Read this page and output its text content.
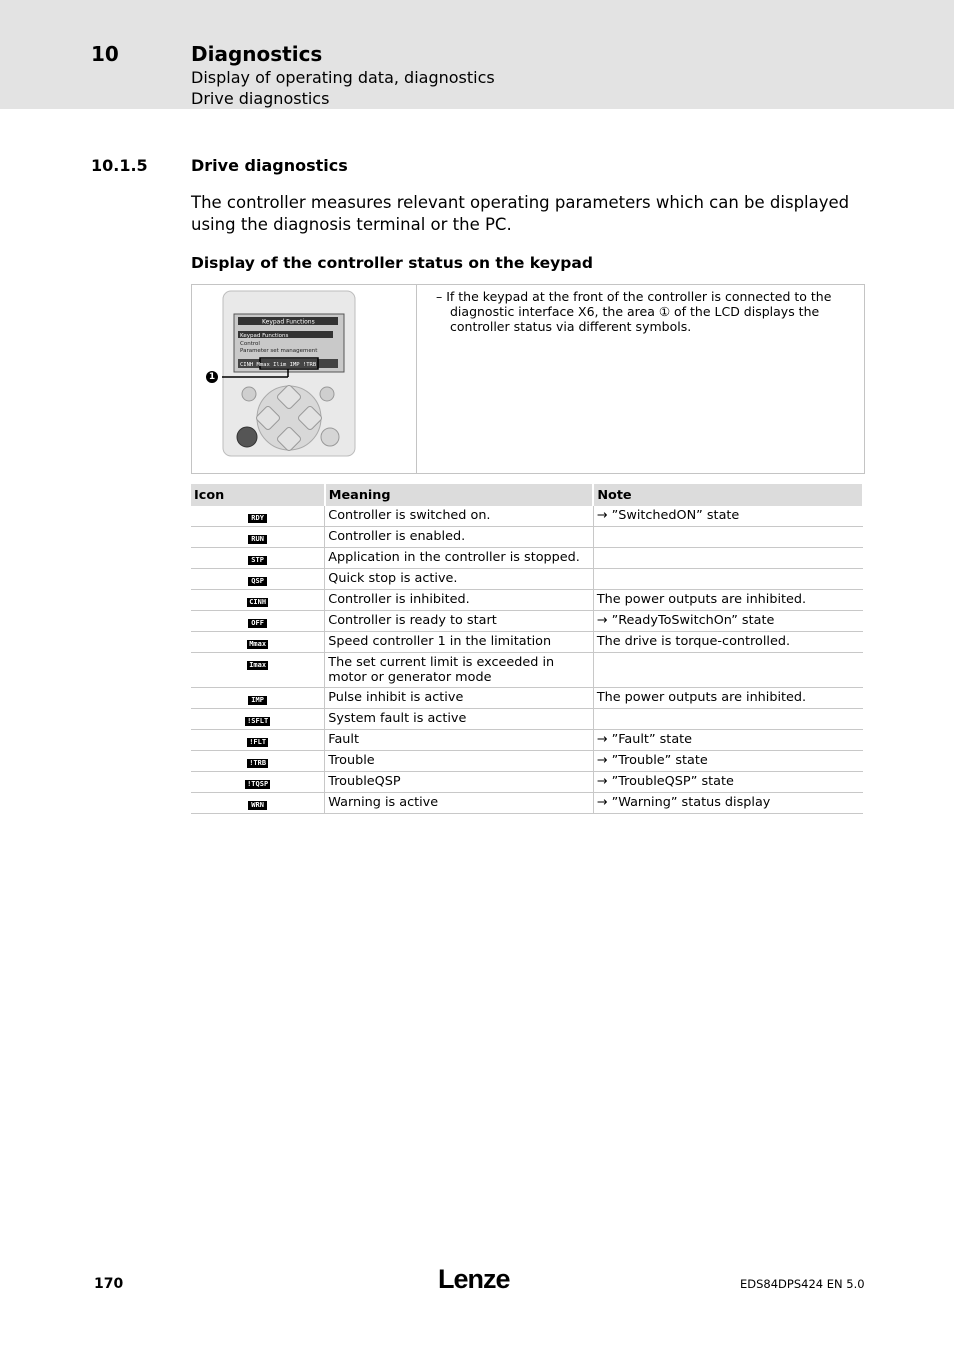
10	Diagnostics
Display of operating data, diagnostics
Drive diagnostics
10.1.5	Drive diagnostics
The controller measures relevant operating parameters which can be displayed using the diagnosis terminal or the PC.
Display of the controller status on the keypad
Keypad Functions
Keypad Functions
Control
Parameter set management
CINH Mmax Ilim IMP !TRB
1
– If the keypad at the front of the controller is connected to the

diagnostic interface X6, the area ① of the LCD displays the
controller status via different symbols.
Icon	Meaning	Note
RDY	Controller is switched on.	→ ”SwitchedON” state
RUN	Controller is enabled.	
STP	Application in the controller is stopped.	
QSP	Quick stop is active.	
CINH	Controller is inhibited.	The power outputs are inhibited.
OFF	Controller is ready to start	→ ”ReadyToSwitchOn” state
Mmax	Speed controller 1 in the limitation	The drive is torque-controlled.
Imax	The set current limit is exceeded in motor or generator mode	
IMP	Pulse inhibit is active	The power outputs are inhibited.
!SFLT	System fault is active	
!FLT	Fault	→ ”Fault” state
!TRB	Trouble	→ ”Trouble” state
!TQSP	TroubleQSP	→ ”TroubleQSP” state
WRN	Warning is active	→ ”Warning” status display
170	Lenze	EDS84DPS424 EN 5.0
